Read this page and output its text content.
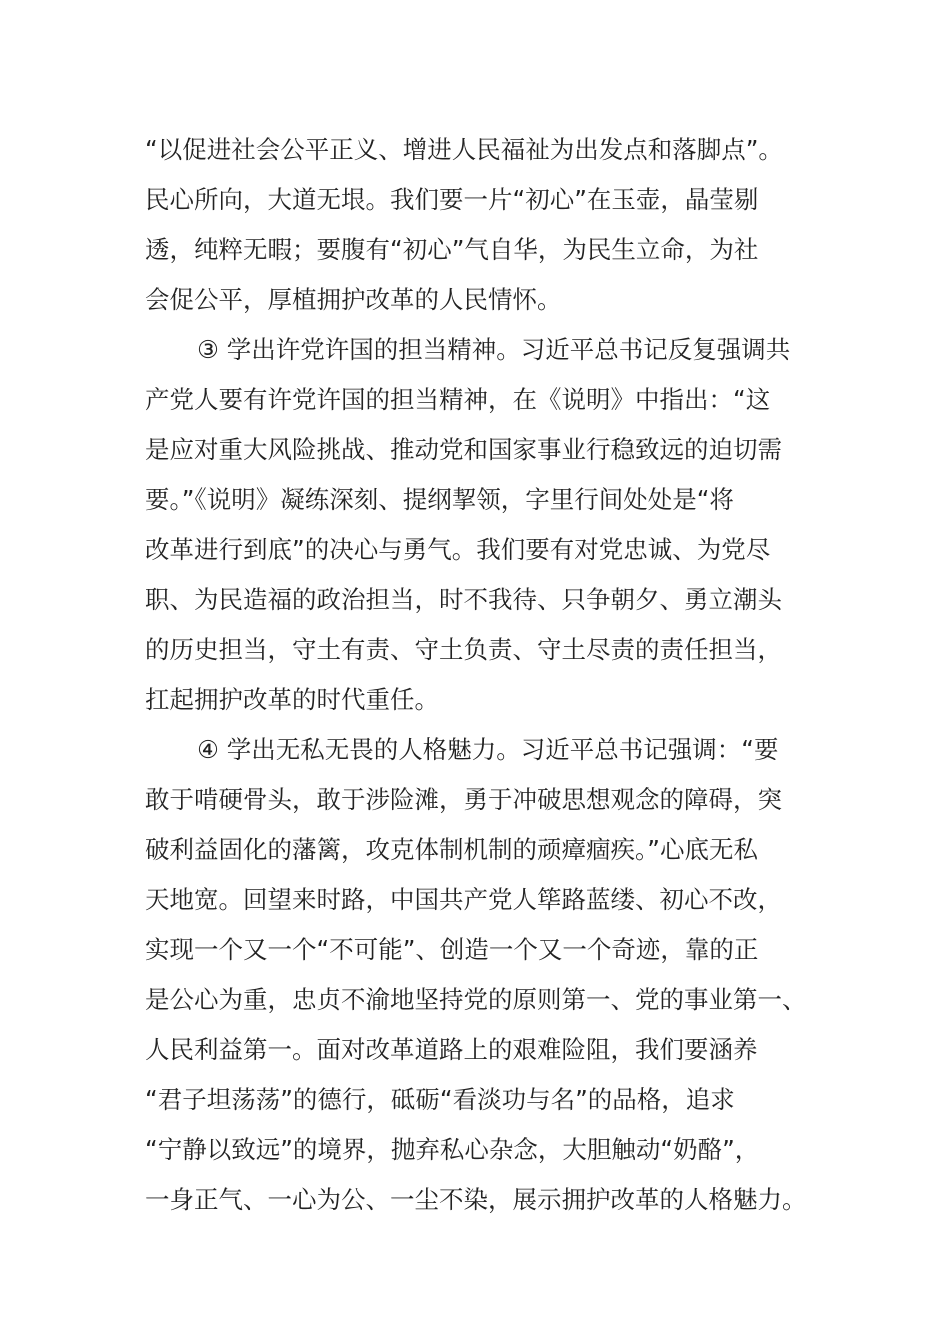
“以促进社会公平正义、增进人民福祉为出发点和落脚点”。
民心所向，大道无垠。我们要一片“初心”在玉壶，晶莹剔
透，纯粹无暇；要腹有“初心”气自华，为民生立命，为社
会促公平，厚植拥护改革的人民情怀。
③ 学出许党许国的担当精神。习近平总书记反复强调共
产党人要有许党许国的担当精神，在《说明》中指出：“这
是应对重大风险挑战、推动党和国家事业行稳致远的迫切需
要。”《说明》凝练深刻、提纲挈领，字里行间处处是“将
改革进行到底”的决心与勇气。我们要有对党忠诚、为党尽
职、为民造福的政治担当，时不我待、只争朝夕、勇立潮头
的历史担当，守土有责、守土负责、守土尽责的责任担当，
扛起拥护改革的时代重任。
④ 学出无私无畏的人格魅力。习近平总书记强调：“要
敢于啃硬骨头，敢于涉险滩，勇于冲破思想观念的障碍，突
破利益固化的藩篱，攻克体制机制的顽瘴痼疾。”心底无私
天地宽。回望来时路，中国共产党人筚路蓝缕、初心不改，
实现一个又一个“不可能”、创造一个又一个奇迹，靠的正
是公心为重，忠贞不渝地坚持党的原则第一、党的事业第一、
人民利益第一。面对改革道路上的艰难险阻，我们要涵养
“君子坦荡荡”的德行，砥砺“看淡功与名”的品格，追求
“宁静以致远”的境界，抛弃私心杂念，大胆触动“奶酪”，
一身正气、一心为公、一尘不染，展示拥护改革的人格魅力。
